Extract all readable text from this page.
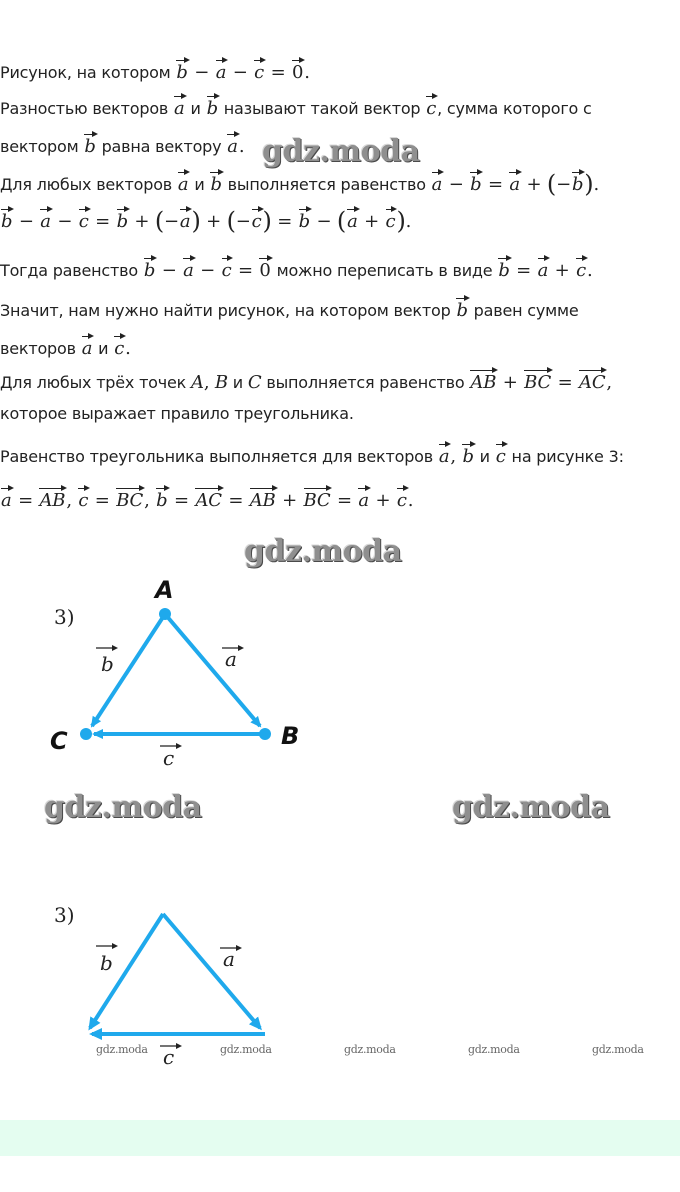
Рисунок, на котором b − a − c = 0.
Разностью векторов a и b называют такой вектор c, сумма которого с
вектором b равна вектору a. gdz.moda
Для любых векторов a и b выполняется равенство a − b = a + (−b).
b − a − c = b + (−a) + (−c) = b − (a + c).
Тогда равенство b − a − c = 0 можно переписать в виде b = a + c.
Значит, нам нужно найти рисунок, на котором вектор b равен сумме
векторов a и c.
Для любых трёх точек A, B и C выполняется равенство AB + BC = AC,
которое выражает правило треугольника.
Равенство треугольника выполняется для векторов a, b и c на рисунке 3:
a = AB, c = BC, b = AC = AB + BC = a + c.
gdz.moda
3)
A
B
C
b	a
c
gdz.moda	gdz.moda
3)
b	a
c
gdz.moda	gdz.moda	gdz.moda	gdz.moda	gdz.moda
